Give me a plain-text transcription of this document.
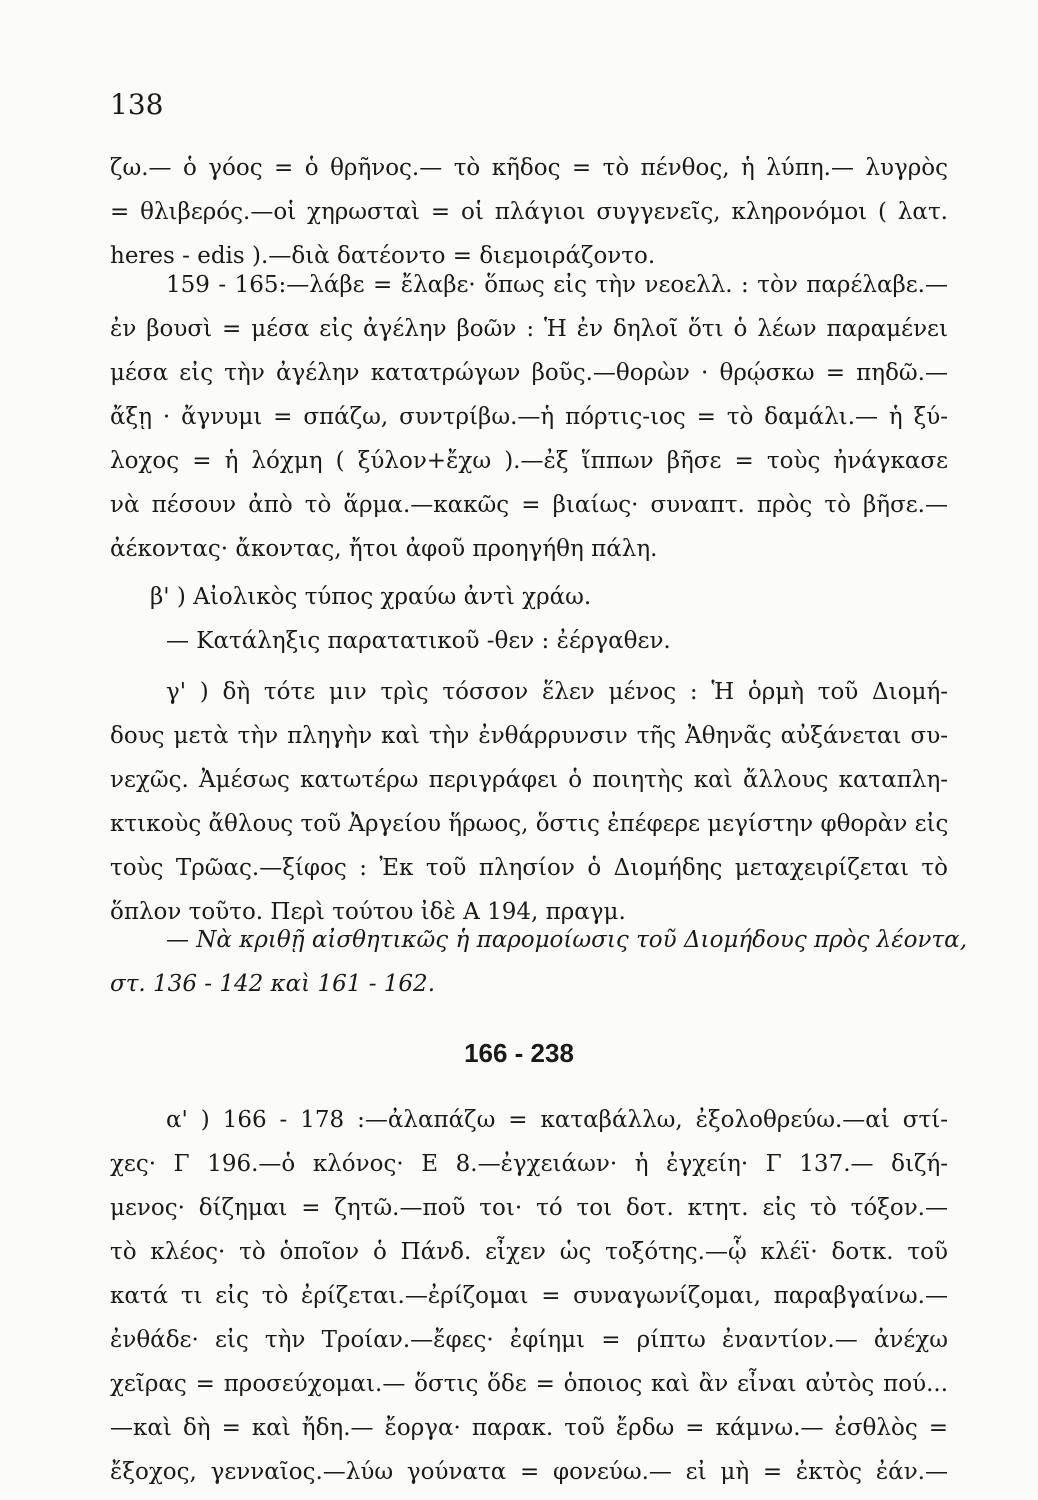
138
ζω.— ὁ γόος = ὁ θρῆνος.— τὸ κῆδος = τὸ πένθος, ἡ λύπη.— λυγρὸς
= θλιβερός.—οἱ χηρωσταὶ = οἱ πλάγιοι συγγενεῖς, κληρονόμοι ( λατ.
heres - edis ).—διὰ δατέοντο = διεμοιράζοντο.
159 - 165:—λάβε = ἔλαβε· ὅπως εἰς τὴν νεοελλ. : τὸν παρέλαβε.—
ἐν βουσὶ = μέσα εἰς ἀγέλην βοῶν : Ἡ ἐν δηλοῖ ὅτι ὁ λέων παραμένει
μέσα εἰς τὴν ἀγέλην κατατρώγων βοῦς.—θορὼν · θρῴσκω = πηδῶ.—
ἄξῃ · ἄγνυμι = σπάζω, συντρίβω.—ἡ πόρτις-ιος = τὸ δαμάλι.— ἡ ξύ-
λοχος = ἡ λόχμη ( ξύλον+ἔχω ).—ἐξ ἵππων βῆσε = τοὺς ἠνάγκασε
νὰ πέσουν ἀπὸ τὸ ἅρμα.—κακῶς = βιαίως· συναπτ. πρὸς τὸ βῆσε.—
ἀέκοντας· ἄκοντας, ἤτοι ἀφοῦ προηγήθη πάλη.
β' ) Αἰολικὸς τύπος χραύω ἀντὶ χράω.
— Κατάληξις παρατατικοῦ -θεν : ἐέργαθεν.
γ' ) δὴ τότε μιν τρὶς τόσσον ἕλεν μένος : Ἡ ὁρμὴ τοῦ Διομή-
δους μετὰ τὴν πληγὴν καὶ τὴν ἐνθάρρυνσιν τῆς Ἀθηνᾶς αὐξάνεται συ-
νεχῶς. Ἀμέσως κατωτέρω περιγράφει ὁ ποιητὴς καὶ ἄλλους καταπλη-
κτικοὺς ἄθλους τοῦ Ἀργείου ἥρωος, ὅστις ἐπέφερε μεγίστην φθορὰν εἰς
τοὺς Τρῶας.—ξίφος : Ἐκ τοῦ πλησίον ὁ Διομήδης μεταχειρίζεται τὸ
ὅπλον τοῦτο. Περὶ τούτου ἰδὲ Α 194, πραγμ.
— Νὰ κριθῇ αἰσθητικῶς ἡ παρομοίωσις τοῦ Διομήδους πρὸς λέοντα,
στ. 136 - 142 καὶ 161 - 162.
166 - 238
α' ) 166 - 178 :—ἀλαπάζω = καταβάλλω, ἐξολοθρεύω.—αἱ στί-
χες· Γ 196.—ὁ κλόνος· Ε 8.—ἐγχειάων· ἡ ἐγχείη· Γ 137.— διζή-
μενος· δίζημαι = ζητῶ.—ποῦ τοι· τό τοι δοτ. κτητ. εἰς τὸ τόξον.—
τὸ κλέος· τὸ ὁποῖον ὁ Πάνδ. εἶχεν ὡς τοξότης.—ᾧ κλέϊ· δοτκ. τοῦ
κατά τι εἰς τὸ ἐρίζεται.—ἐρίζομαι = συναγωνίζομαι, παραβγαίνω.—
ἐνθάδε· εἰς τὴν Τροίαν.—ἔφες· ἐφίημι = ρίπτω ἐναντίον.— ἀνέχω
χεῖρας = προσεύχομαι.— ὅστις ὅδε = ὁποιος καὶ ἂν εἶναι αὐτὸς πού...
—καὶ δὴ = καὶ ἤδη.— ἔοργα· παρακ. τοῦ ἔρδω = κάμνω.— ἐσθλὸς =
ἔξοχος, γενναῖος.—λύω γούνατα = φονεύω.— εἰ μὴ = ἐκτὸς ἐάν.—
